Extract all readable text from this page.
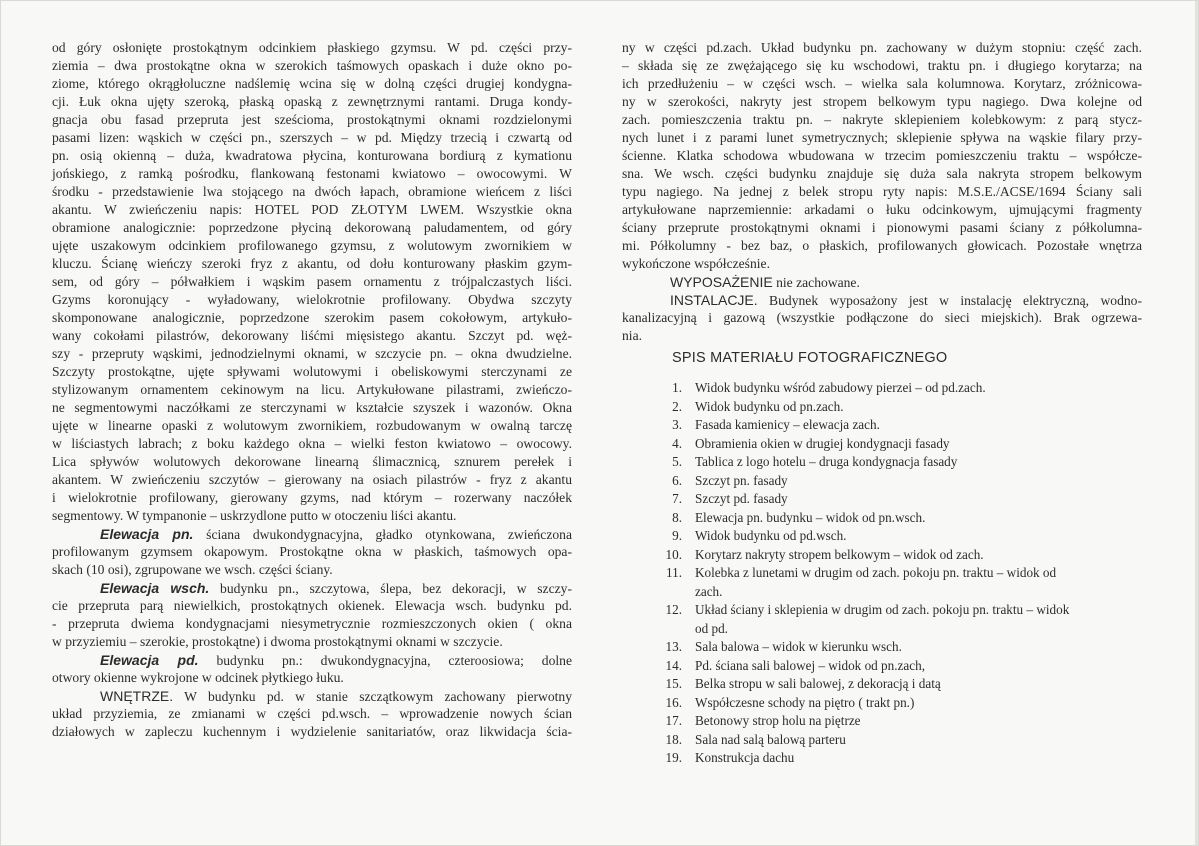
od góry osłonięte prostokątnym odcinkiem płaskiego gzymsu. W pd. części przy-
ziemia – dwa prostokątne okna w szerokich taśmowych opaskach i duże okno po-
ziome, którego okrągłoluczne nadślemię wcina się w dolną części drugiej kondygna-
cji. Łuk okna ujęty szeroką, płaską opaską z zewnętrznymi rantami. Druga kondy-
gnacja obu fasad przepruta jest sześcioma, prostokątnymi oknami rozdzielonymi
pasami lizen: wąskich w części pn., szerszych – w pd. Między trzecią i czwartą od
pn. osią okienną – duża, kwadratowa płycina, konturowana bordiurą z kymationu
jońskiego, z ramką pośrodku, flankowaną festonami kwiatowo – owocowymi. W
środku - przedstawienie lwa stojącego na dwóch łapach, obramione wieńcem z liści
akantu. W zwieńczeniu napis: HOTEL POD ZŁOTYM LWEM. Wszystkie okna
obramione analogicznie: poprzedzone płyciną dekorowaną paludamentem, od góry
ujęte uszakowym odcinkiem profilowanego gzymsu, z wolutowym zwornikiem w
kluczu. Ścianę wieńczy szeroki fryz z akantu, od dołu konturowany płaskim gzym-
sem, od góry – półwałkiem i wąskim pasem ornamentu z trójpalczastych liści.
Gzyms koronujący - wyładowany, wielokrotnie profilowany. Obydwa szczyty
skomponowane analogicznie, poprzedzone szerokim pasem cokołowym, artykuło-
wany cokołami pilastrów, dekorowany liśćmi mięsistego akantu. Szczyt pd. węż-
szy - przepruty wąskimi, jednodzielnymi oknami, w szczycie pn. – okna dwudzielne.
Szczyty prostokątne, ujęte spływami wolutowymi i obeliskowymi sterczynami ze
stylizowanym ornamentem cekinowym na licu. Artykułowane pilastrami, zwieńczo-
ne segmentowymi naczółkami ze sterczynami w kształcie szyszek i wazonów. Okna
ujęte w linearne opaski z wolutowym zwornikiem, rozbudowanym w owalną tarczę
w liściastych labrach; z boku każdego okna – wielki feston kwiatowo – owocowy.
Lica spływów wolutowych dekorowane linearną ślimacznicą, sznurem perełek i
akantem. W zwieńczeniu szczytów – gierowany na osiach pilastrów - fryz z akantu
i wielokrotnie profilowany, gierowany gzyms, nad którym – rozerwany naczółek
segmentowy. W tympanonie – uskrzydlone putto w otoczeniu liści akantu.
Elewacja pn. ściana dwukondygnacyjna, gładko otynkowana, zwieńczona
profilowanym gzymsem okapowym. Prostokątne okna w płaskich, taśmowych opa-
skach (10 osi), zgrupowane we wsch. części ściany.
Elewacja wsch. budynku pn., szczytowa, ślepa, bez dekoracji, w szczy-
cie przepruta parą niewielkich, prostokątnych okienek. Elewacja wsch. budynku pd.
- przepruta dwiema kondygnacjami niesymetrycznie rozmieszczonych okien ( okna
w przyziemiu – szerokie, prostokątne) i dwoma prostokątnymi oknami w szczycie.
Elewacja pd. budynku pn.: dwukondygnacyjna, czteroosiowa; dolne
otwory okienne wykrojone w odcinek płytkiego łuku.
WNĘTRZE. W budynku pd. w stanie szczątkowym zachowany pierwotny
układ przyziemia, ze zmianami w części pd.wsch. – wprowadzenie nowych ścian
działowych w zapleczu kuchennym i wydzielenie sanitariatów, oraz likwidacja ścia-
ny w części pd.zach. Układ budynku pn. zachowany w dużym stopniu: część zach.
– składa się ze zwężającego się ku wschodowi, traktu pn. i długiego korytarza; na
ich przedłużeniu – w części wsch. – wielka sala kolumnowa. Korytarz, zróżnicowa-
ny w szerokości, nakryty jest stropem belkowym typu nagiego. Dwa kolejne od
zach. pomieszczenia traktu pn. – nakryte sklepieniem kolebkowym: z parą stycz-
nych lunet i z parami lunet symetrycznych; sklepienie spływa na wąskie filary przy-
ścienne. Klatka schodowa wbudowana w trzecim pomieszczeniu traktu – współcze-
sna. We wsch. części budynku znajduje się duża sala nakryta stropem belkowym
typu nagiego. Na jednej z belek stropu ryty napis: M.S.E./ACSE/1694 Ściany sali
artykułowane naprzemiennie: arkadami o łuku odcinkowym, ujmującymi fragmenty
ściany przeprute prostokątnymi oknami i pionowymi pasami ściany z półkolumna-
mi. Półkolumny - bez baz, o płaskich, profilowanych głowicach. Pozostałe wnętrza
wykończone współcześnie.
WYPOSAŻENIE nie zachowane.
INSTALACJE. Budynek wyposażony jest w instalację elektryczną, wodno-
kanalizacyjną i gazową (wszystkie podłączone do sieci miejskich). Brak ogrzewa-
nia.
SPIS MATERIAŁU FOTOGRAFICZNEGO
1. Widok budynku wśród zabudowy pierzei – od pd.zach.
2. Widok budynku od pn.zach.
3. Fasada kamienicy – elewacja zach.
4. Obramienia okien w drugiej kondygnacji fasady
5. Tablica z logo hotelu – druga kondygnacja fasady
6. Szczyt pn. fasady
7. Szczyt pd. fasady
8. Elewacja pn. budynku – widok od pn.wsch.
9. Widok budynku od pd.wsch.
10. Korytarz nakryty stropem belkowym – widok od zach.
11. Kolebka z lunetami w drugim od zach. pokoju pn. traktu – widok od zach.
12. Układ ściany i sklepienia w drugim od zach. pokoju pn. traktu – widok od pd.
13. Sala balowa – widok w kierunku wsch.
14. Pd. ściana sali balowej – widok od pn.zach,
15. Belka stropu w sali balowej, z dekoracją i datą
16. Współczesne schody na piętro ( trakt pn.)
17. Betonowy strop holu na piętrze
18. Sala nad salą balową parteru
19. Konstrukcja dachu
